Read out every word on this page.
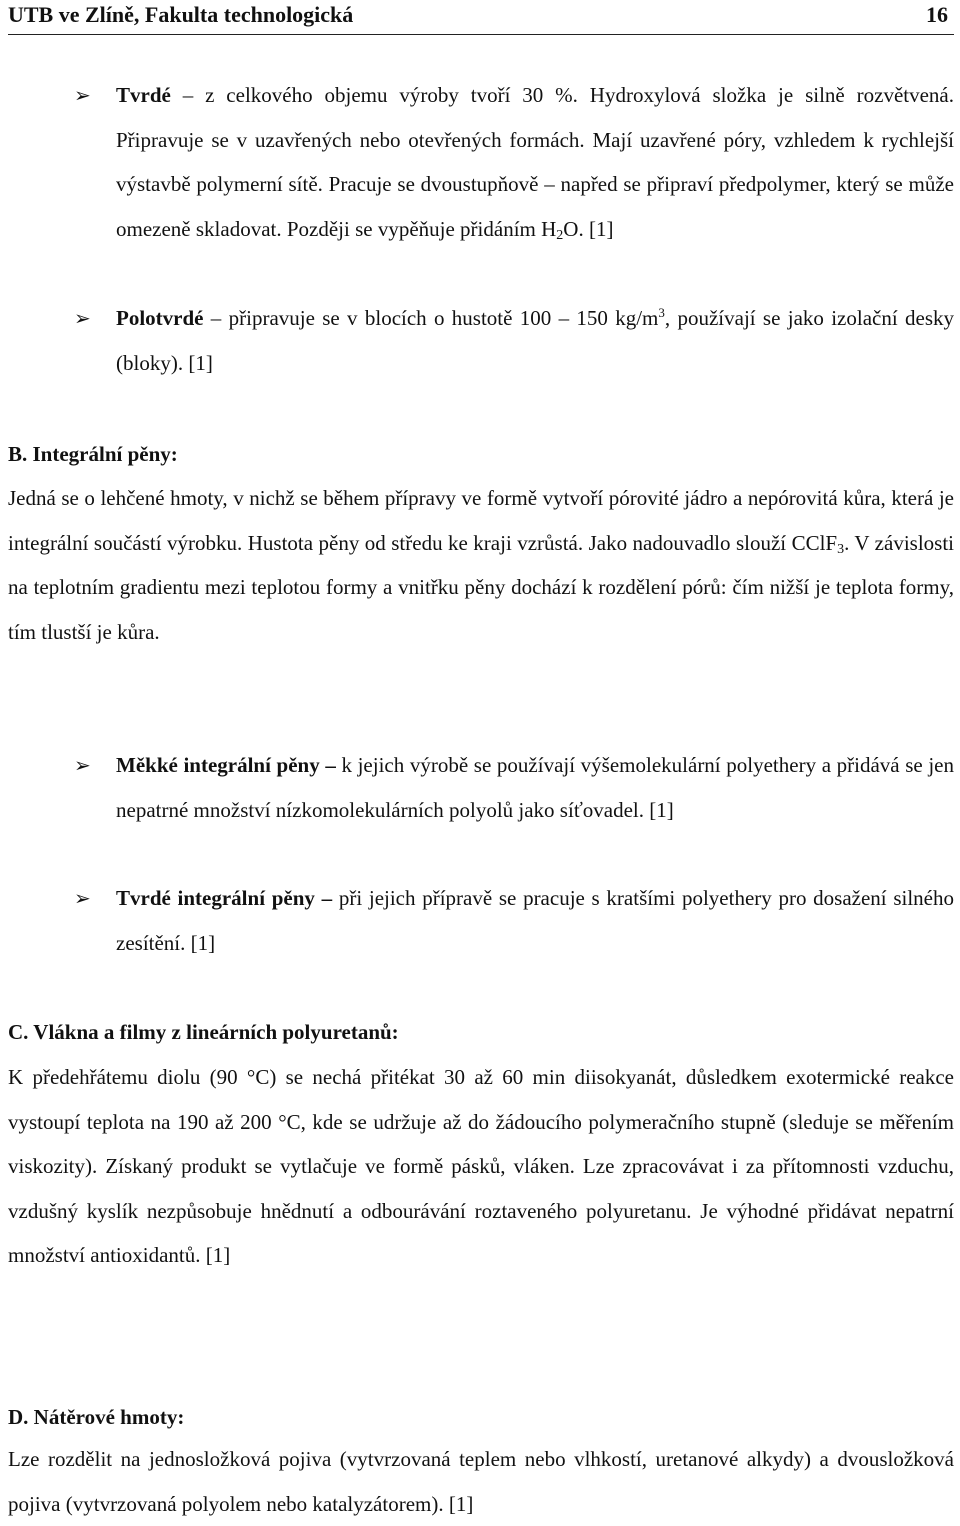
UTB ve Zlíně, Fakulta technologická	16
➢	Tvrdé – z celkového objemu výroby tvoří 30 %. Hydroxylová složka je silně rozvětvená. Připravuje se v uzavřených nebo otevřených formách. Mají uzavřené póry, vzhledem k rychlejší výstavbě polymerní sítě. Pracuje se dvoustupňově – napřed se připraví předpolymer, který se může omezeně skladovat. Později se vypěňuje přidáním $H_2O$. [1]
➢	Polotvrdé – připravuje se v blocích o hustotě 100 – 150 $kg/m^3$, používají se jako izolační desky (bloky). [1]
B. Integrální pěny:
Jedná se o lehčené hmoty, v nichž se během přípravy ve formě vytvoří pórovité jádro a nepórovitá kůra, která je integrální součástí výrobku. Hustota pěny od středu ke kraji vzrůstá. Jako nadouvadlo slouží CClF$_3$. V závislosti na teplotním gradientu mezi teplotou formy a vnitřku pěny dochází k rozdělení pórů: čím nižší je teplota formy, tím tlustší je kůra.
➢	Měkké integrální pěny – k jejich výrobě se používají výšemolekulární polyethery a přidává se jen nepatrné množství nízkomolekulárních polyolů jako síťovadel. [1]
➢	Tvrdé integrální pěny – při jejich přípravě se pracuje s kratšími polyethery pro dosažení silného zesítění. [1]
C. Vlákna a filmy z lineárních polyuretanů:
K předehřátemu diolu (90 °C) se nechá přitékat 30 až 60 min diisokyanát, důsledkem exotermické reakce vystoupí teplota na 190 až 200 °C, kde se udržuje až do žádoucího polymeračního stupně (sleduje se měřením viskozity). Získaný produkt se vytlačuje ve formě pásků, vláken. Lze zpracovávat i za přítomnosti vzduchu, vzdušný kyslík nezpůsobuje hnědnutí a odbourávání roztaveného polyuretanu. Je výhodné přidávat nepatrní množství antioxidantů. [1]
D. Nátěrové hmoty:
Lze rozdělit na jednosložková pojiva (vytvrzovaná teplem nebo vlhkostí, uretanové alkydy) a dvousložková pojiva (vytvrzovaná polyolem nebo katalyzátorem). [1]
